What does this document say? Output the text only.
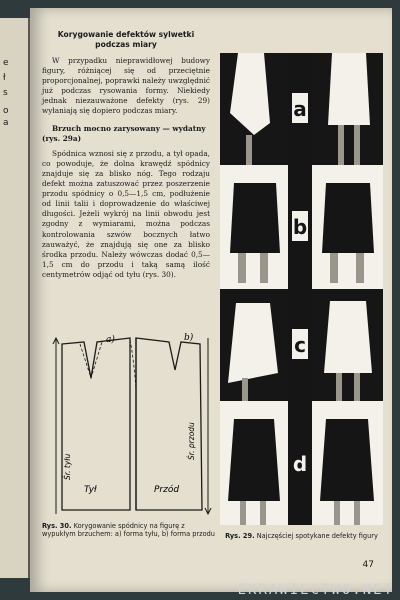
e
ł
s
o
a
Korygowanie defektów sylwetki podczas miary

W przypadku nieprawidłowej budowy figury, różniącej się od przeciętnie proporcjonalnej, poprawki należy uwzględnić już podczas rysowania formy. Niekiedy jednak niezauważone defekty (rys. 29) wyłaniają się dopiero podczas miary.

Brzuch mocno zarysowany — wydatny (rys. 29a)

Spódnica wznosi się z przodu, a tył opada, co powoduje, że dolna krawędź spódnicy znajduje się za blisko nóg. Tego rodzaju defekt można zatuszować przez poszerzenie przodu spódnicy o 0,5—1,5 cm, podłużenie od linii talii i doprowadzenie do właściwej długości. Jeżeli wykrój na linii obwodu jest zgodny z wymiarami, można podczas kontrolowania szwów bocznych łatwo zauważyć, że znajdują się one za blisko środka przodu. Należy wówczas dodać 0,5—1,5 cm do przodu i taką samą ilość centymetrów odjąć od tyłu (rys. 30).

a)	b)
Śr. tyłu
Śr. przodu
Tył	Przód
Rys. 30. Korygowanie spódnicy na figurę z wypukłym brzuchem: a) forma tyłu, b) forma przodu
a
b
c
d
Rys. 29. Najczęściej spotykane defekty figury
47
EKRAWIECTWO.NET
